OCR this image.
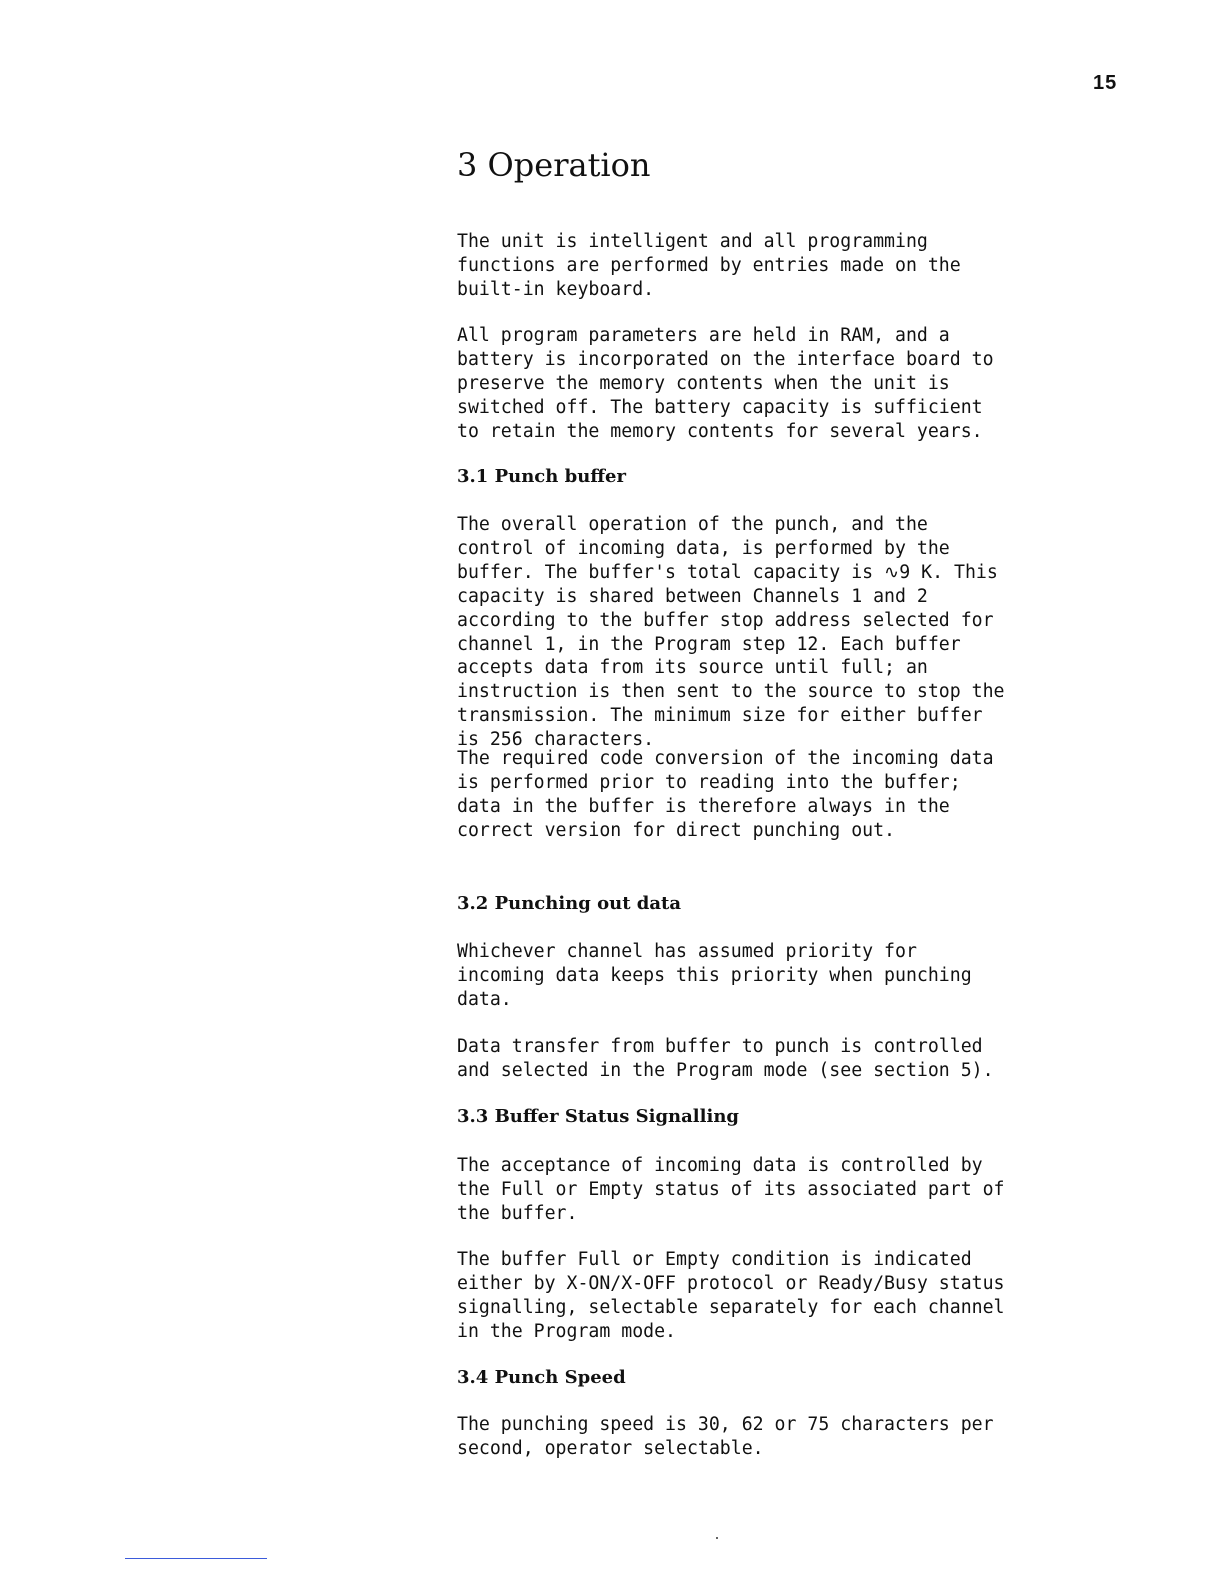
15
3 Operation
The unit is intelligent and all programming
functions are performed by entries made on the
built-in keyboard.
All program parameters are held in RAM, and a
battery is incorporated on the interface board to
preserve the memory contents when the unit is
switched off. The battery capacity is sufficient
to retain the memory contents for several years.
3.1 Punch buffer
The overall operation of the punch, and the
control of incoming data, is performed by the
buffer. The buffer's total capacity is ∿9 K. This
capacity is shared between Channels 1 and 2
according to the buffer stop address selected for
channel 1, in the Program step 12. Each buffer
accepts data from its source until full; an
instruction is then sent to the source to stop the
transmission. The minimum size for either buffer
is 256 characters.
The required code conversion of the incoming data
is performed prior to reading into the buffer;
data in the buffer is therefore always in the
correct version for direct punching out.
3.2 Punching out data
Whichever channel has assumed priority for
incoming data keeps this priority when punching
data.
Data transfer from buffer to punch is controlled
and selected in the Program mode (see section 5).
3.3 Buffer Status Signalling
The acceptance of incoming data is controlled by
the Full or Empty status of its associated part of
the buffer.
The buffer Full or Empty condition is indicated
either by X-ON/X-OFF protocol or Ready/Busy status
signalling, selectable separately for each channel
in the Program mode.
3.4 Punch Speed
The punching speed is 30, 62 or 75 characters per
second, operator selectable.
